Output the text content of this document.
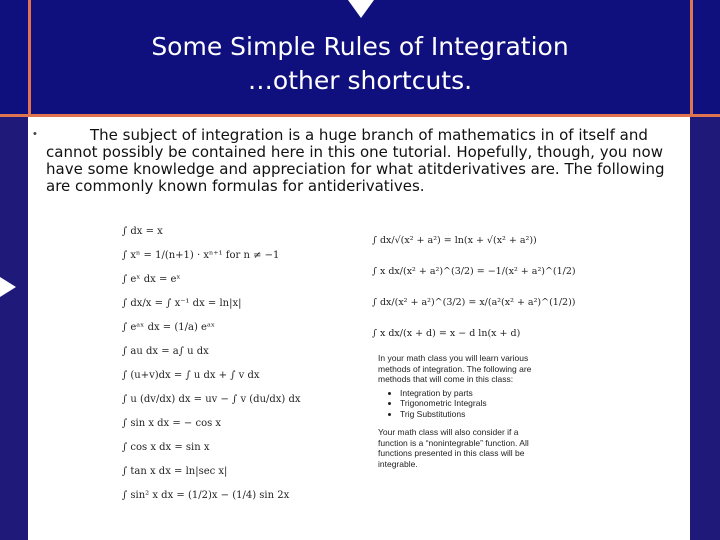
Some Simple Rules of Integration
…other shortcuts.
•	The subject of integration is a huge branch of mathematics in of itself and cannot possibly be contained here in this one tutorial. Hopefully, though, you now have some knowledge and appreciation for what atitderivatives are. The following are commonly known formulas for antiderivatives.
∫ dx = x
∫ xⁿ = 1/(n+1) · xⁿ⁺¹ for n ≠ −1
∫ eˣ dx = eˣ
∫ dx/x = ∫ x⁻¹ dx = ln|x|
∫ eᵃˣ dx = (1/a) eᵃˣ
∫ au dx = a∫ u dx
∫ (u+v)dx = ∫ u dx + ∫ v dx
∫ u (dv/dx) dx = uv − ∫ v (du/dx) dx
∫ sin x dx = − cos x
∫ cos x dx = sin x
∫ tan x dx = ln|sec x|
∫ sin² x dx = (1/2)x − (1/4) sin 2x
∫ dx/√(x² + a²) = ln(x + √(x² + a²))
∫ x dx/(x² + a²)^(3/2) = −1/(x² + a²)^(1/2)
∫ dx/(x² + a²)^(3/2) = x/(a²(x² + a²)^(1/2))
∫ x dx/(x + d) = x − d ln(x + d)

In your math class you will learn various methods of integration. The following are methods that will come in this class:

• Integration by parts
• Trigonometric Integrals
• Trig Substitutions

Your math class will also consider if a function is a “nonintegrable” function. All functions presented in this class will be integrable.
